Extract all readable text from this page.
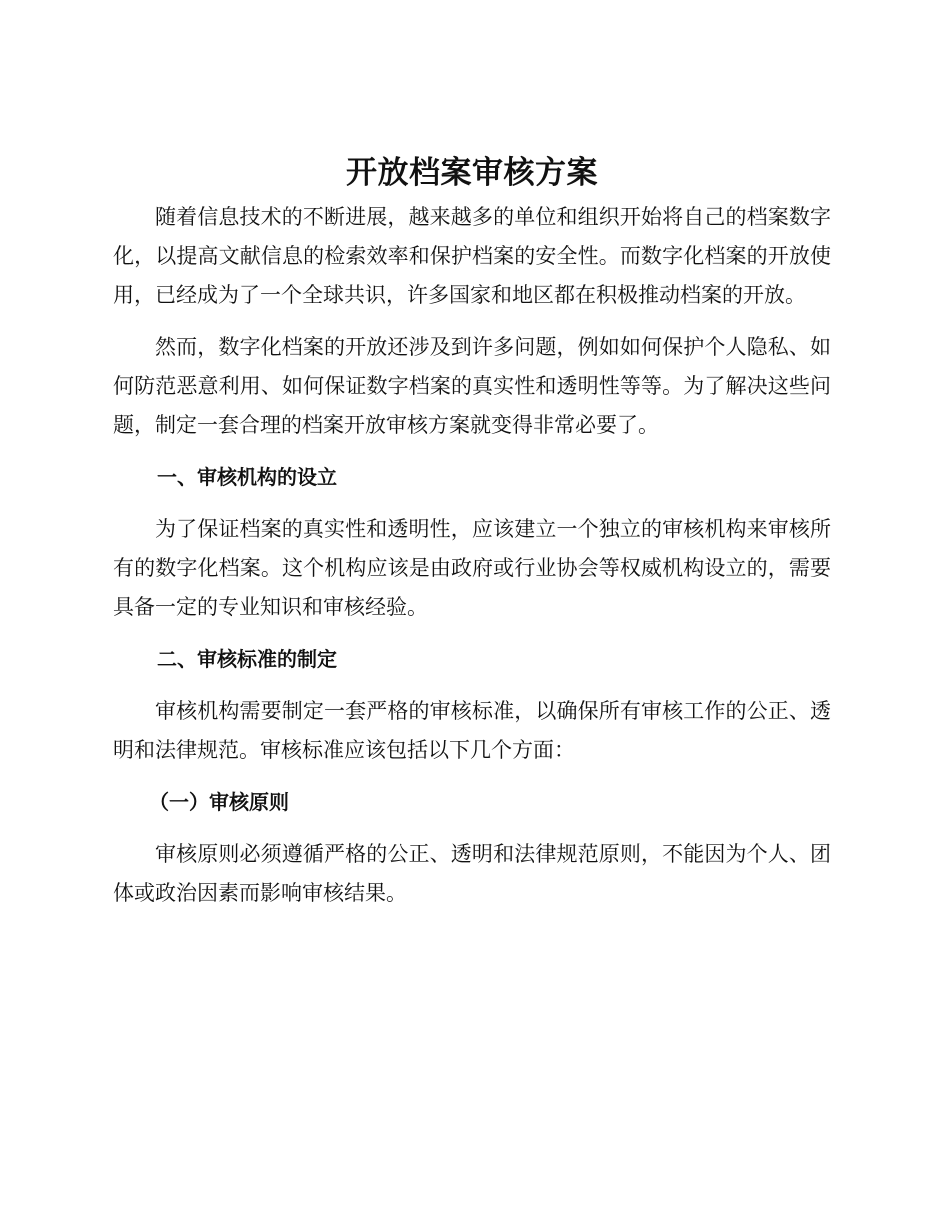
开放档案审核方案

随着信息技术的不断进展，越来越多的单位和组织开始将自己的档案数字化，以提高文献信息的检索效率和保护档案的安全性。而数字化档案的开放使用，已经成为了一个全球共识，许多国家和地区都在积极推动档案的开放。

然而，数字化档案的开放还涉及到许多问题，例如如何保护个人隐私、如何防范恶意利用、如何保证数字档案的真实性和透明性等等。为了解决这些问题，制定一套合理的档案开放审核方案就变得非常必要了。

一、审核机构的设立

为了保证档案的真实性和透明性，应该建立一个独立的审核机构来审核所有的数字化档案。这个机构应该是由政府或行业协会等权威机构设立的，需要具备一定的专业知识和审核经验。

二、审核标准的制定

审核机构需要制定一套严格的审核标准，以确保所有审核工作的公正、透明和法律规范。审核标准应该包括以下几个方面：

（一）审核原则

审核原则必须遵循严格的公正、透明和法律规范原则，不能因为个人、团体或政治因素而影响审核结果。
